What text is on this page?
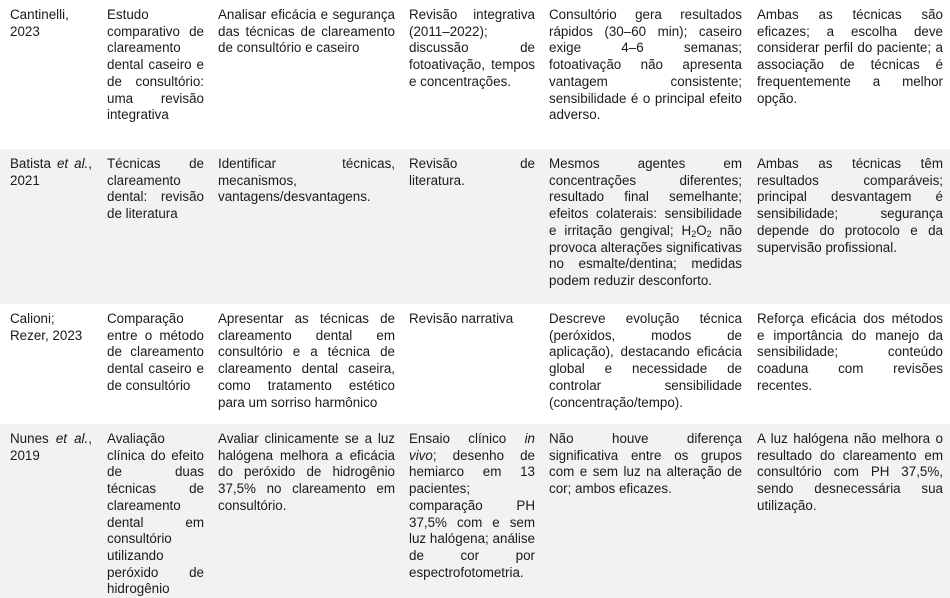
Cantinelli, 2023
Estudo comparativo de clareamento dental caseiro e de consultório: uma revisão integrativa
Analisar eficácia e segurança das técnicas de clareamento de consultório e caseiro
Revisão integrativa (2011–2022); discussão de fotoativação, tempos e concentrações.
Consultório gera resultados rápidos (30–60 min); caseiro exige 4–6 semanas; fotoativação não apresenta vantagem consistente; sensibilidade é o principal efeito adverso.
Ambas as técnicas são eficazes; a escolha deve considerar perfil do paciente; a associação de técnicas é frequentemente a melhor opção.
Batista et al., 2021
Técnicas de clareamento dental: revisão de literatura
Identificar técnicas, mecanismos, vantagens/desvantagens.
Revisão de literatura.
Mesmos agentes em concentrações diferentes; resultado final semelhante; efeitos colaterais: sensibilidade e irritação gengival; $H_2O_2$ não provoca alterações significativas no esmalte/dentina; medidas podem reduzir desconforto.
Ambas as técnicas têm resultados comparáveis; principal desvantagem é sensibilidade; segurança depende do protocolo e da supervisão profissional.
Calioni; Rezer, 2023
Comparação entre o método de clareamento dental caseiro e de consultório
Apresentar as técnicas de clareamento dental em consultório e a técnica de clareamento dental caseira, como tratamento estético para um sorriso harmônico
Revisão narrativa	Descreve evolução técnica (peróxidos, modos de aplicação), destacando eficácia global e necessidade de controlar sensibilidade (concentração/tempo).
Reforça eficácia dos métodos e importância do manejo da sensibilidade; conteúdo coaduna com revisões recentes.
Nunes et al., 2019
Avaliação clínica do efeito de duas técnicas de clareamento dental em consultório utilizando peróxido de hidrogênio
Avaliar clinicamente se a luz halógena melhora a eficácia do peróxido de hidrogênio 37,5% no clareamento em consultório.
Ensaio clínico in vivo; desenho de hemiarco em 13 pacientes; comparação PH 37,5% com e sem luz halógena; análise de cor por espectrofotometria.
Não houve diferença significativa entre os grupos com e sem luz na alteração de cor; ambos eficazes.
A luz halógena não melhora o resultado do clareamento em consultório com PH 37,5%, sendo desnecessária sua utilização.
